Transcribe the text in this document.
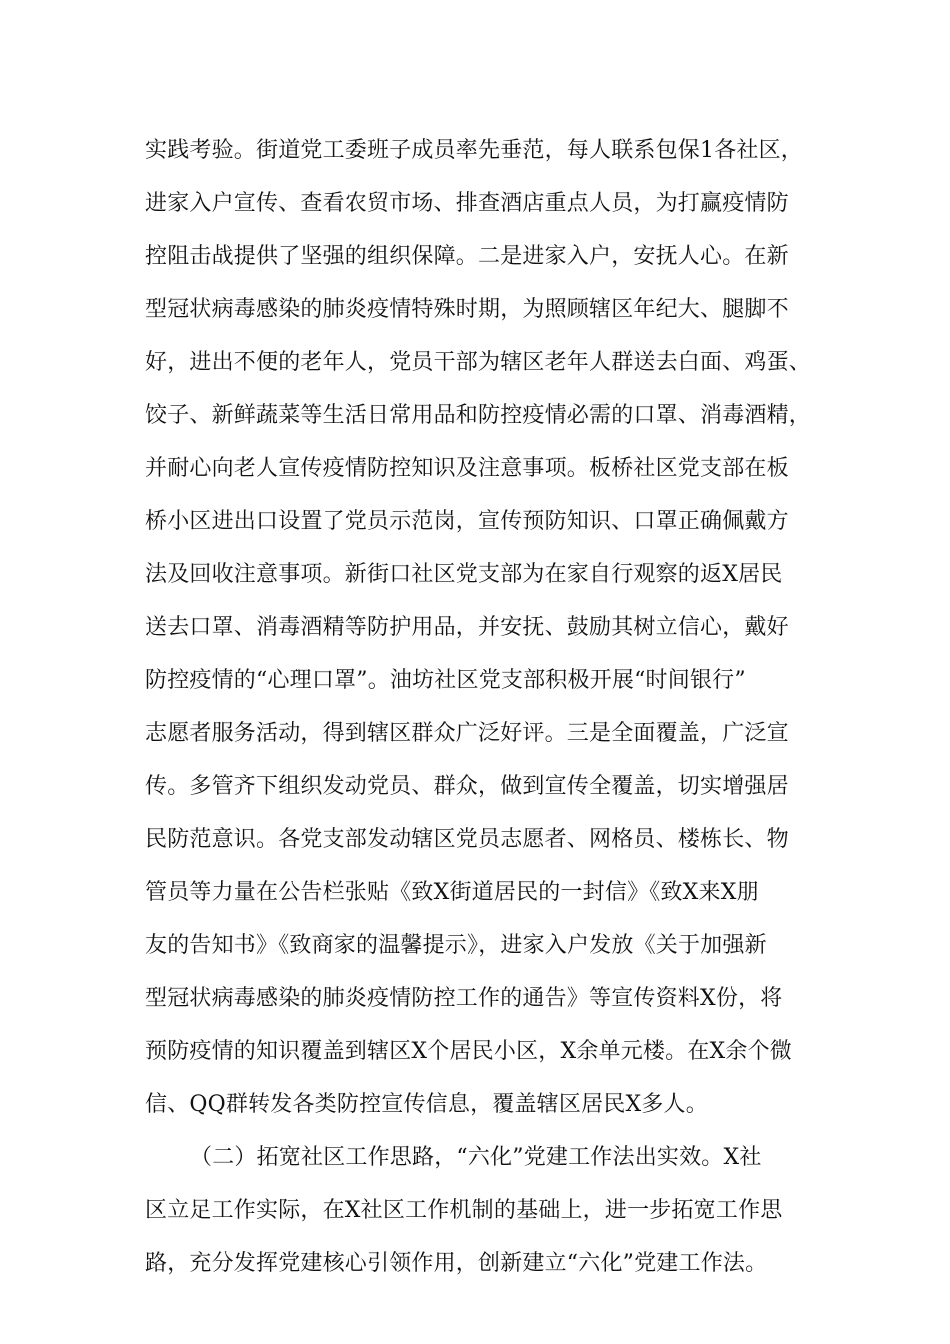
实践考验。街道党工委班子成员率先垂范，每人联系包保1各社区，
进家入户宣传、查看农贸市场、排查酒店重点人员，为打赢疫情防
控阻击战提供了坚强的组织保障。二是进家入户，安抚人心。在新
型冠状病毒感染的肺炎疫情特殊时期，为照顾辖区年纪大、腿脚不
好，进出不便的老年人，党员干部为辖区老年人群送去白面、鸡蛋、
饺子、新鲜蔬菜等生活日常用品和防控疫情必需的口罩、消毒酒精，
并耐心向老人宣传疫情防控知识及注意事项。板桥社区党支部在板
桥小区进出口设置了党员示范岗，宣传预防知识、口罩正确佩戴方
法及回收注意事项。新街口社区党支部为在家自行观察的返X居民
送去口罩、消毒酒精等防护用品，并安抚、鼓励其树立信心，戴好
防控疫情的“心理口罩”。油坊社区党支部积极开展“时间银行”
志愿者服务活动，得到辖区群众广泛好评。三是全面覆盖，广泛宣
传。多管齐下组织发动党员、群众，做到宣传全覆盖，切实增强居
民防范意识。各党支部发动辖区党员志愿者、网格员、楼栋长、物
管员等力量在公告栏张贴《致X街道居民的一封信》《致X来X朋
友的告知书》《致商家的温馨提示》，进家入户发放《关于加强新
型冠状病毒感染的肺炎疫情防控工作的通告》等宣传资料X份，将
预防疫情的知识覆盖到辖区X个居民小区，X余单元楼。在X余个微
信、QQ群转发各类防控宣传信息，覆盖辖区居民X多人。
（二）拓宽社区工作思路，“六化”党建工作法出实效。X社
区立足工作实际，在X社区工作机制的基础上，进一步拓宽工作思
路，充分发挥党建核心引领作用，创新建立“六化”党建工作法。
